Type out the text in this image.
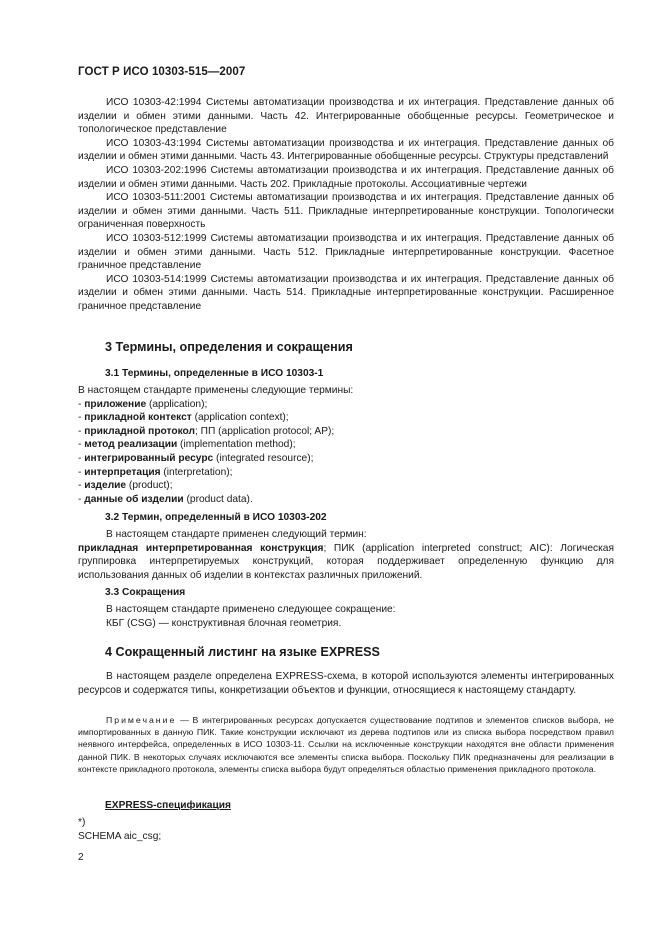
ГОСТ Р ИСО 10303-515—2007

ИСО 10303-42:1994 Системы автоматизации производства и их интеграция. Представление данных об изделии и обмен этими данными. Часть 42. Интегрированные обобщенные ресурсы. Геометрическое и топологическое представление

ИСО 10303-43:1994 Системы автоматизации производства и их интеграция. Представление данных об изделии и обмен этими данными. Часть 43. Интегрированные обобщенные ресурсы. Структуры представлений

ИСО 10303-202:1996 Системы автоматизации производства и их интеграция. Представление данных об изделии и обмен этими данными. Часть 202. Прикладные протоколы. Ассоциативные чертежи

ИСО 10303-511:2001 Системы автоматизации производства и их интеграция. Представление данных об изделии и обмен этими данными. Часть 511. Прикладные интерпретированные конструкции. Топологически ограниченная поверхность

ИСО 10303-512:1999 Системы автоматизации производства и их интеграция. Представление данных об изделии и обмен этими данными. Часть 512. Прикладные интерпретированные конструкции. Фасетное граничное представление

ИСО 10303-514:1999 Системы автоматизации производства и их интеграция. Представление данных об изделии и обмен этими данными. Часть 514. Прикладные интерпретированные конструкции. Расширенное граничное представление

3 Термины, определения и сокращения
3.1 Термины, определенные в ИСО 10303-1

В настоящем стандарте применены следующие термины:

- приложение (application);
- прикладной контекст (application context);
- прикладной протокол; ПП (application protocol; AP);
- метод реализации (implementation method);
- интегрированный ресурс (integrated resource);
- интерпретация (interpretation);
- изделие (product);
- данные об изделии (product data).
3.2 Термин, определенный в ИСО 10303-202

В настоящем стандарте применен следующий термин:

прикладная интерпретированная конструкция; ПИК (application interpreted construct; AIC): Логическая группировка интерпретируемых конструкций, которая поддерживает определенную функцию для использования данных об изделии в контекстах различных приложений.

3.3 Сокращения

В настоящем стандарте применено следующее сокращение:

КБГ (CSG) — конструктивная блочная геометрия.

4 Сокращенный листинг на языке EXPRESS

В настоящем разделе определена EXPRESS-схема, в которой используются элементы интегрированных ресурсов и содержатся типы, конкретизации объектов и функции, относящиеся к настоящему стандарту.

Примечание — В интегрированных ресурсах допускается существование подтипов и элементов списков выбора, не импортированных в данную ПИК. Такие конструкции исключают из дерева подтипов или из списка выбора посредством правил неявного интерфейса, определенных в ИСО 10303-11. Ссылки на исключенные конструкции находятся вне области применения данной ПИК. В некоторых случаях исключаются все элементы списка выбора. Поскольку ПИК предназначены для реализации в контексте прикладного протокола, элементы списка выбора будут определяться областью применения прикладного протокола.

EXPRESS-спецификация
*)
SCHEMA aic_csg;
2
